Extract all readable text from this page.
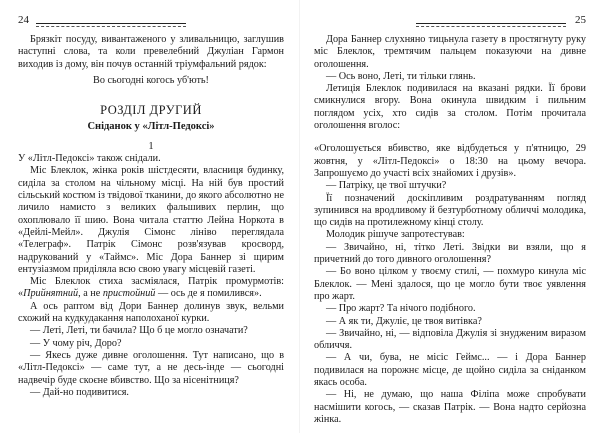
24

Брязкіт посуду, вивантаженого у зливальницю, заглушив наступні слова, та коли превелебний Джуліан Гармон виходив із дому, він почув останній тріумфальний рядок:

Во сьогодні когось уб'ють!

РОЗДІЛ ДРУГИЙ
Сніданок у «Літл-Педоксі»
1

У «Літл-Педоксі» також снідали.

Міс Блеклок, жінка років шістдесяти, власниця будинку, сиділа за столом на чільному місці. На ній був простий сільський костюм із твідової тканини, до якого абсолютно не личило намисто з великих фальшивих перлин, що охоплювало її шию. Вона читала статтю Лейна Норкота в «Дейлі-Мейл». Джулія Сімонс лініво переглядала «Телеграф». Патрік Сімонс розв'язував кросворд, надрукований у «Таймс». Міс Дора Баннер зі щирим ентузіазмом приділяла всю свою увагу місцевій газеті.

Міс Блеклок стиха засміялася, Патрік промурмотів: «Прийнятний, а не пристойний — ось де я помилився».

А ось раптом від Дори Баннер долинув звук, вельми схожий на кудкудакання наполоханої курки.

— Леті, Леті, ти бачила? Що б це могло означати?

— У чому річ, Доро?

— Якесь дуже дивне оголошення. Тут написано, що в «Літл-Педоксі» — саме тут, а не десь-інде — сьогодні надвечір буде скоєне вбивство. Що за нісенітниця?

— Дай-но подивитися.

25

Дора Баннер слухняно тицьнула газету в простягнуту руку міс Блеклок, тремтячим пальцем показуючи на дивне оголошення.

— Ось воно, Леті, ти тільки глянь.

Летиція Блеклок подивилася на вказані рядки. Її брови смикнулися вгору. Вона окинула швидким і пильним поглядом усіх, хто сидів за столом. Потім прочитала оголошення вголос:

«Оголошується вбивство, яке відбудеться у п'ятницю, 29 жовтня, у «Літл-Педоксі» о 18:30 на цьому вечора. Запрошуємо до участі всіх знайомих і друзів».

— Патріку, це твої штучки?

Її позначений доскіпливим роздратуванням погляд зупинився на вродливому й безтурботному обличчі молодика, що сидів на протилежному кінці столу.

Молодик рішуче запротестував:

— Звичайно, ні, тітко Леті. Звідки ви взяли, що я причетний до того дивного оголошення?

— Бо воно цілком у твоєму стилі, — похмуро кинула міс Блеклок. — Мені здалося, що це могло бути твоє уявлення про жарт.

— Про жарт? Та нічого подібного.

— А як ти, Джуліє, це твоя витівка?

— Звичайно, ні, — відповіла Джулія зі знудженим виразом обличчя.

— А чи, бува, не місіс Геймс... — і Дора Баннер подивилася на порожнє місце, де щойно сиділа за сніданком якась особа.

— Ні, не думаю, що наша Філіпа може спробувати насмішити когось, — сказав Патрік. — Вона надто серйозна жінка.
